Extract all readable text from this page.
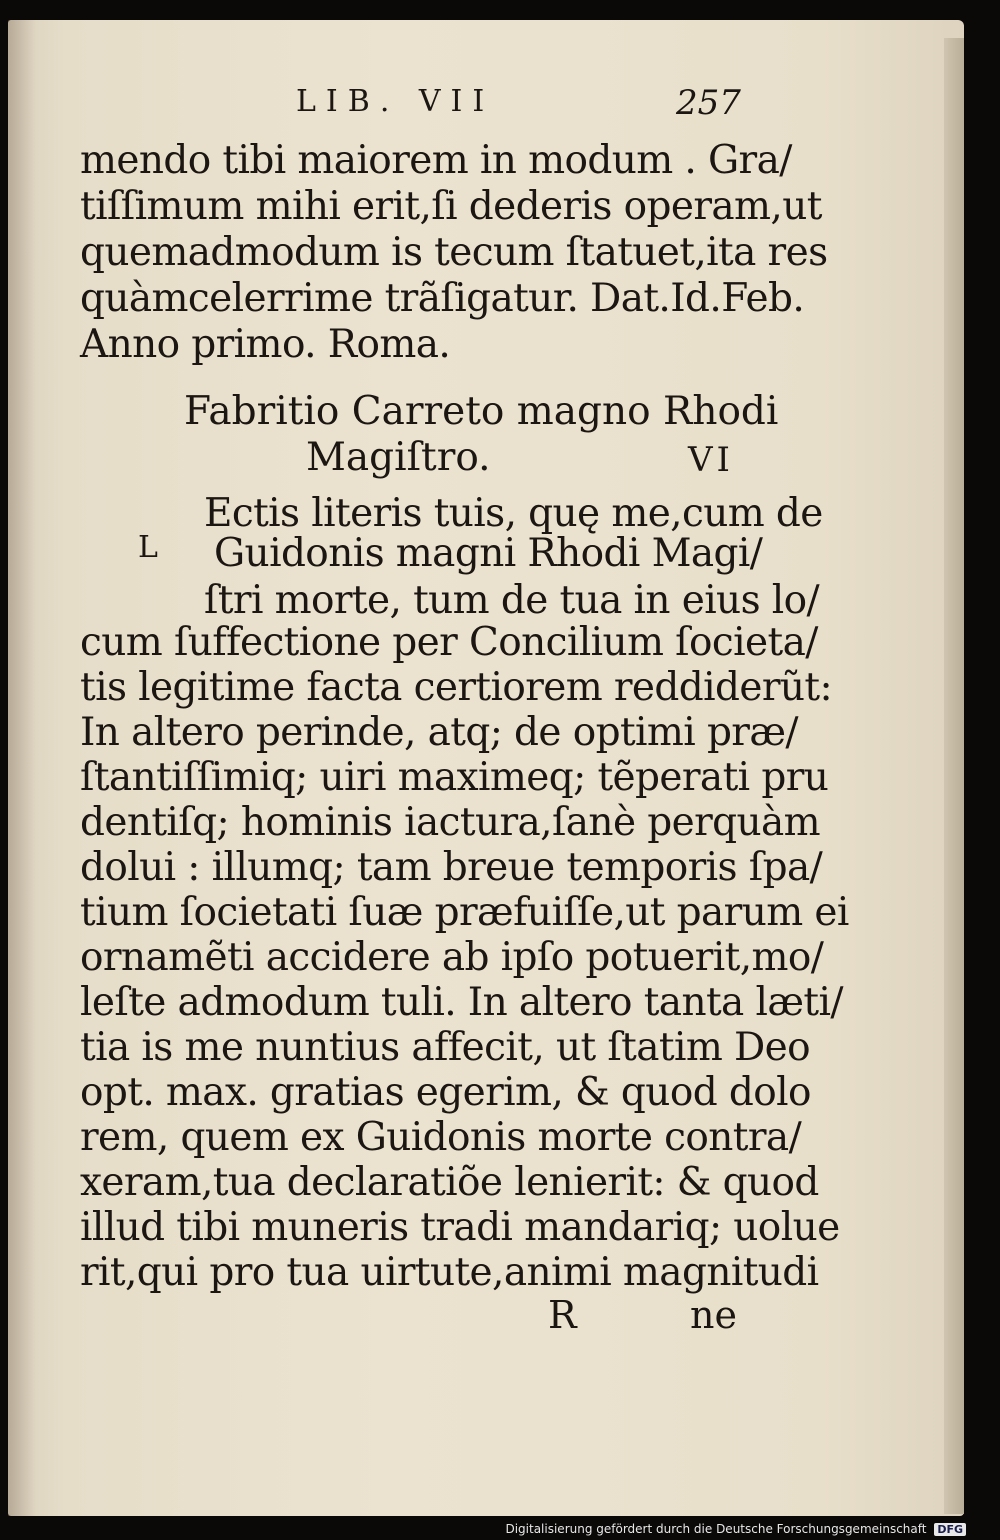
LIB. VII	257
mendo tibi maiorem in modum . Gra/
tiſſimum mihi erit,ſi dederis operam,ut
quemadmodum is tecum ſtatuet,ita res
quàmcelerrime trãſigatur. Dat.Id.Feb.
Anno primo. Roma.
Fabritio Carreto magno Rhodi
Magiſtro.	VI
L
Ectis literis tuis, quę me,cum de
Guidonis magni Rhodi Magi/
ſtri morte, tum de tua in eius lo/
cum ſuffectione per Concilium ſocieta/
tis legitime facta certiorem reddiderũt:
In altero perinde, atq; de optimi præ/
ſtantiſſimiq; uiri maximeq; tẽperati pru
dentiſq; hominis iactura,ſanè perquàm
dolui : illumq; tam breue temporis ſpa/
tium ſocietati ſuæ præfuiſſe,ut parum ei
ornamẽti accidere ab ipſo potuerit,mo/
leſte admodum tuli. In altero tanta læti/
tia is me nuntius affecit, ut ſtatim Deo
opt. max. gratias egerim, & quod dolo
rem, quem ex Guidonis morte contra/
xeram,tua declaratiõe lenierit: & quod
illud tibi muneris tradi mandariq; uolue
rit,qui pro tua uirtute,animi magnitudi
R	ne
Digitalisierung gefördert durch die Deutsche Forschungsgemeinschaft DFG
